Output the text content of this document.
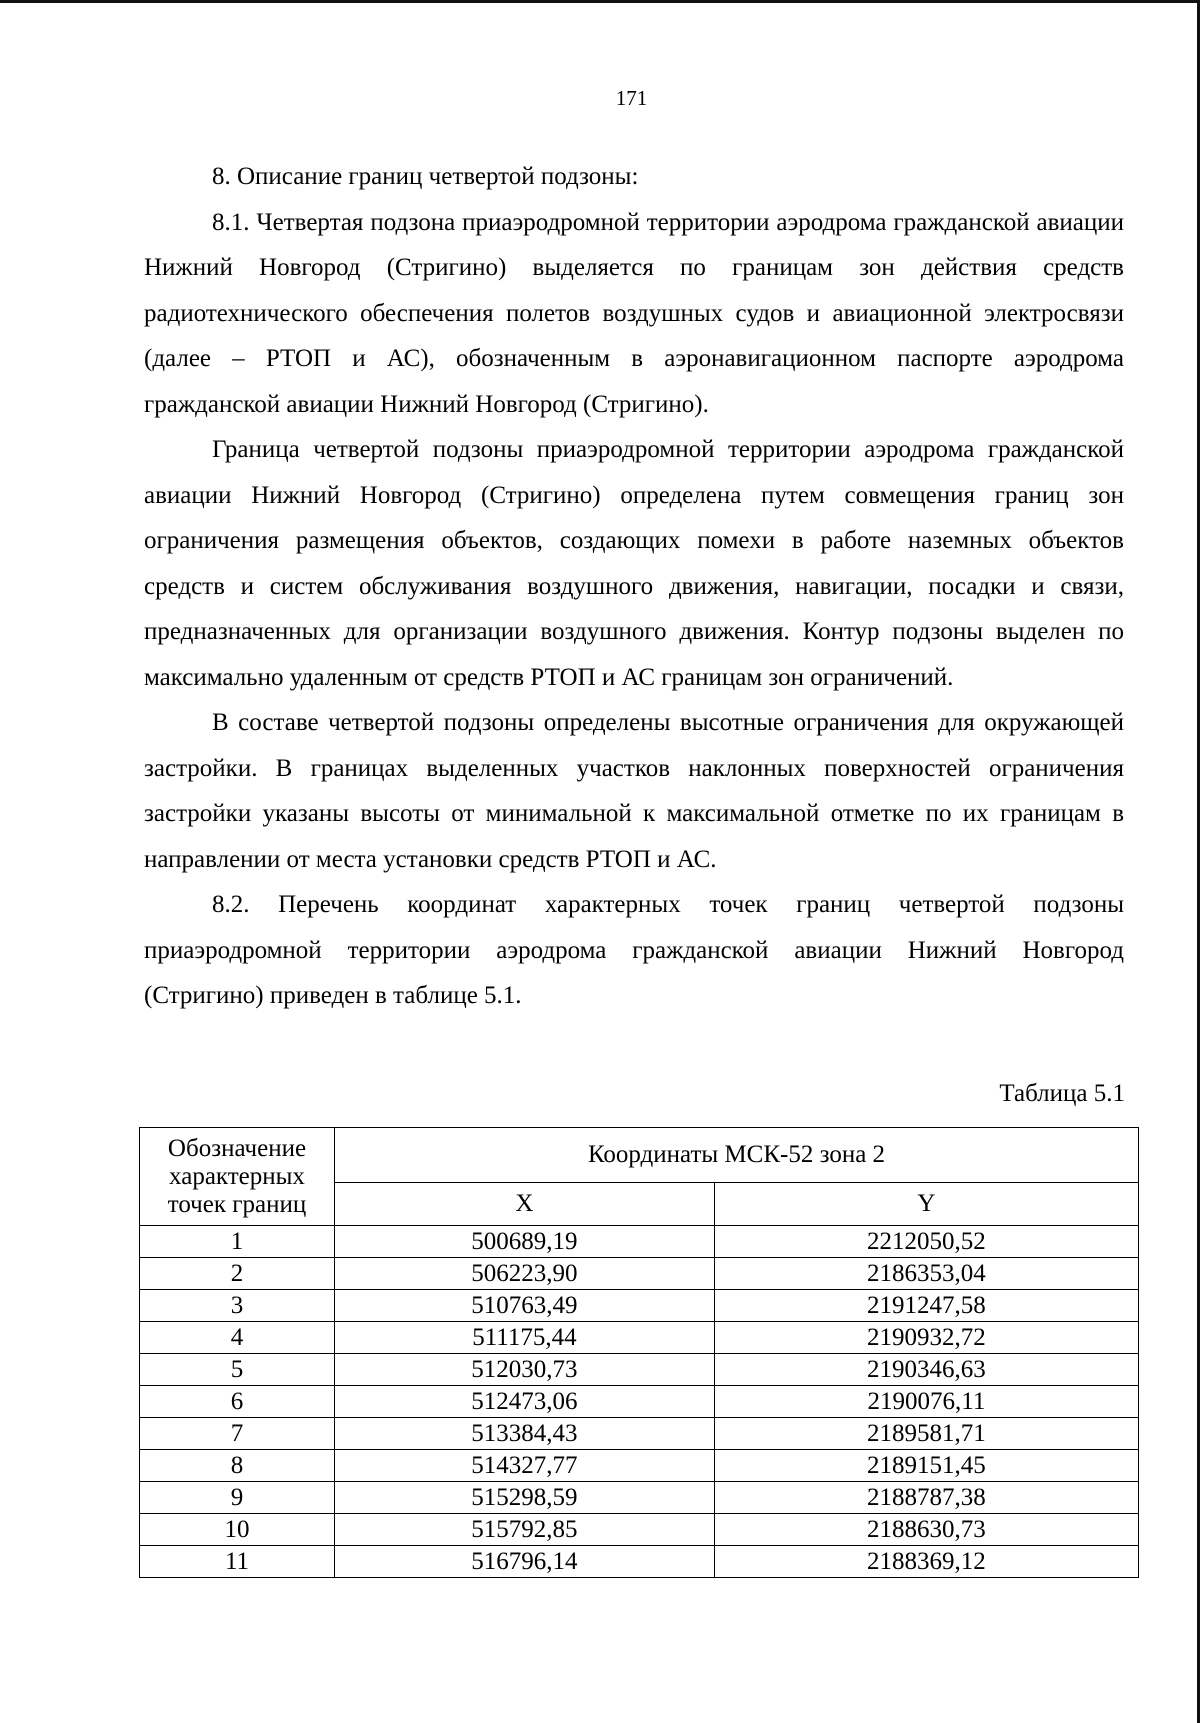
171

8. Описание границ четвертой подзоны:

8.1. Четвертая подзона приаэродромной территории аэродрома гражданской авиации Нижний Новгород (Стригино) выделяется по границам зон действия средств радиотехнического обеспечения полетов воздушных судов и авиационной электросвязи (далее – РТОП и АС), обозначенным в аэронавигационном паспорте аэродрома гражданской авиации Нижний Новгород (Стригино).

Граница четвертой подзоны приаэродромной территории аэродрома гражданской авиации Нижний Новгород (Стригино) определена путем совмещения границ зон ограничения размещения объектов, создающих помехи в работе наземных объектов средств и систем обслуживания воздушного движения, навигации, посадки и связи, предназначенных для организации воздушного движения. Контур подзоны выделен по максимально удаленным от средств РТОП и АС границам зон ограничений.

В составе четвертой подзоны определены высотные ограничения для окружающей застройки. В границах выделенных участков наклонных поверхностей ограничения застройки указаны высоты от минимальной к максимальной отметке по их границам в направлении от места установки средств РТОП и АС.

8.2. Перечень координат характерных точек границ четвертой подзоны приаэродромной территории аэродрома гражданской авиации Нижний Новгород (Стригино) приведен в таблице 5.1.

Таблица 5.1
Обозначение характерных точек границ	Координаты МСК-52 зона 2	
	X	Y
1	500689,19	2212050,52
2	506223,90	2186353,04
3	510763,49	2191247,58
4	511175,44	2190932,72
5	512030,73	2190346,63
6	512473,06	2190076,11
7	513384,43	2189581,71
8	514327,77	2189151,45
9	515298,59	2188787,38
10	515792,85	2188630,73
11	516796,14	2188369,12
